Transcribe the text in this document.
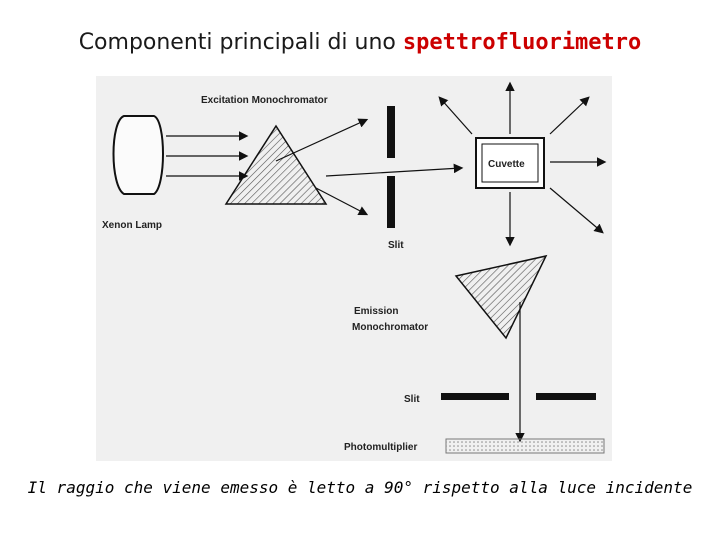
Componenti principali di uno spettrofluorimetro
Excitation Monochromator
Xenon Lamp
Cuvette
Slit
Emission
Monochromator
Slit
Photomultiplier
Il raggio che viene emesso è letto a 90° rispetto alla luce incidente
